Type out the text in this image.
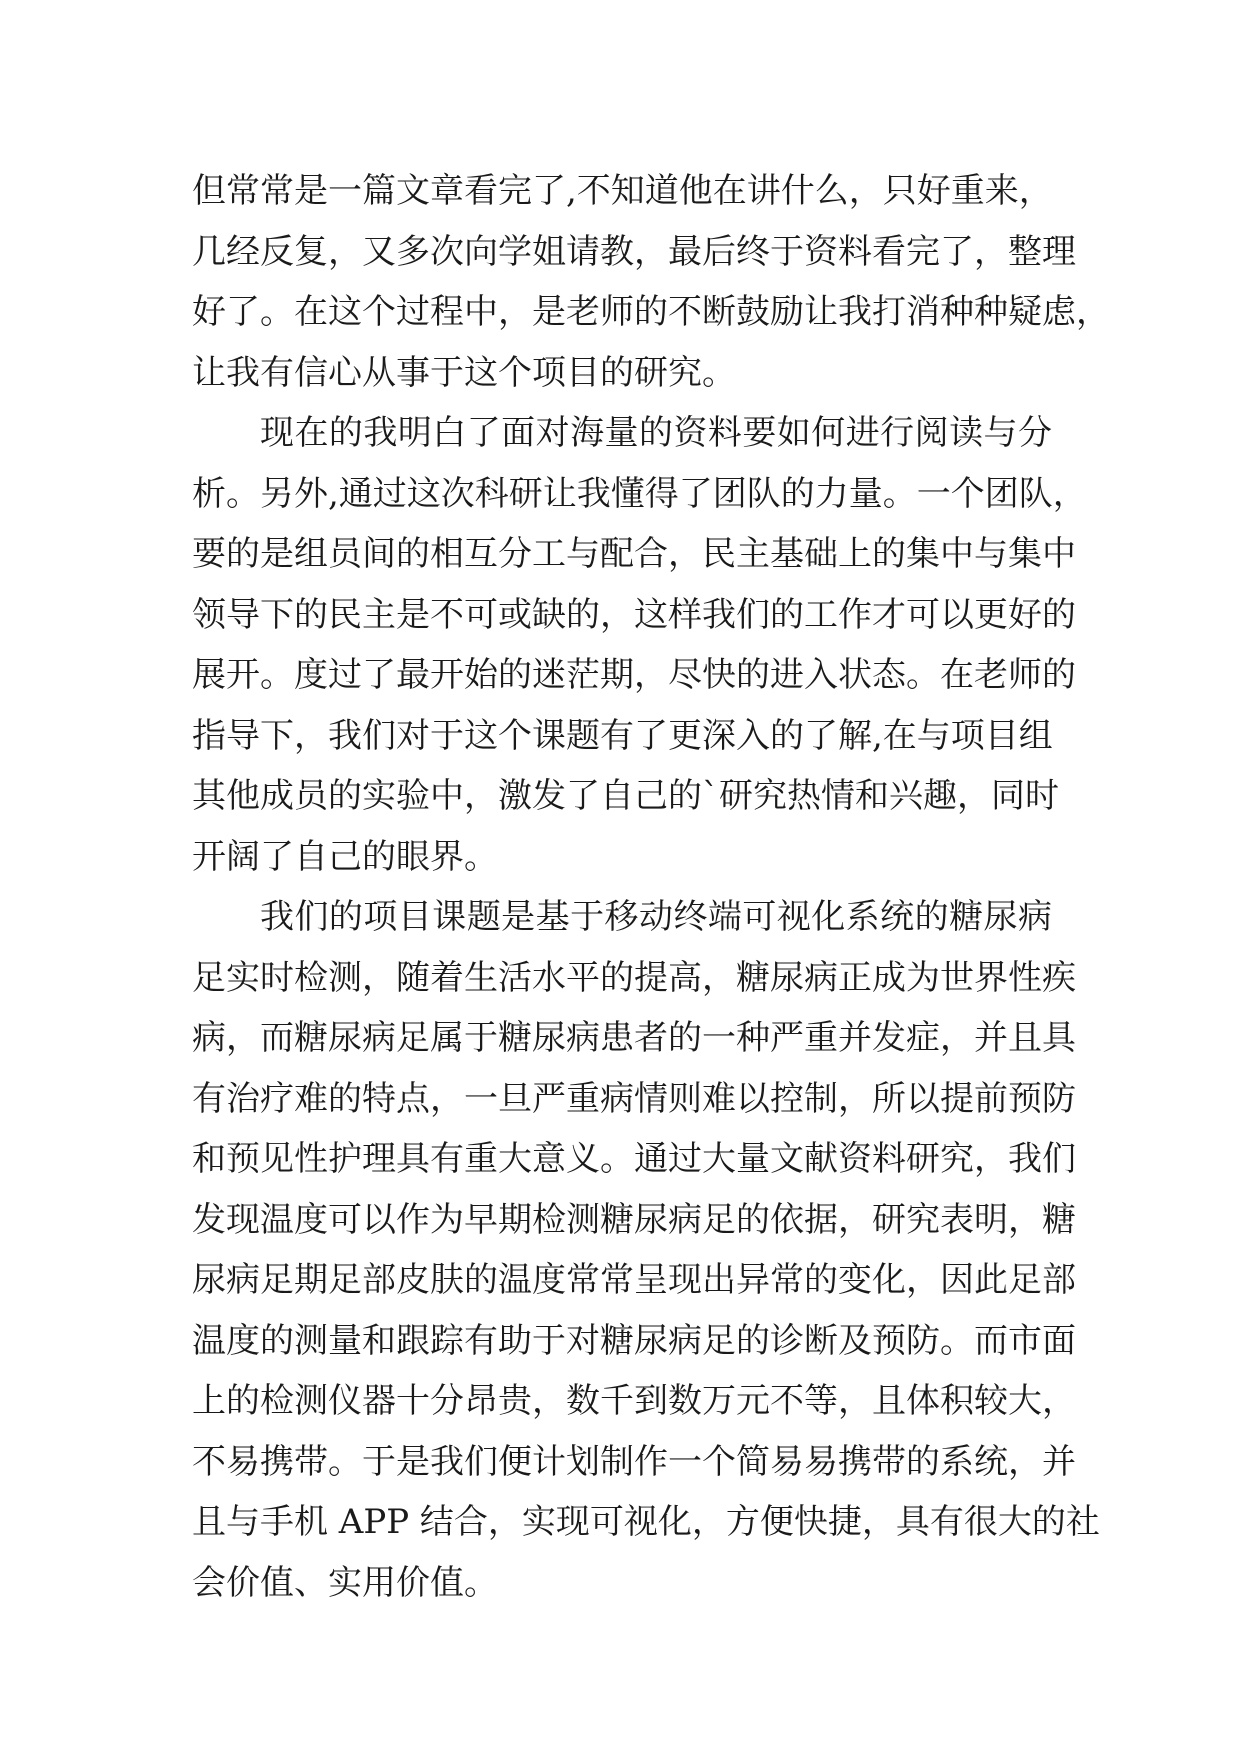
但常常是一篇文章看完了,不知道他在讲什么，只好重来，
几经反复，又多次向学姐请教，最后终于资料看完了，整理
好了。在这个过程中，是老师的不断鼓励让我打消种种疑虑，
让我有信心从事于这个项目的研究。
现在的我明白了面对海量的资料要如何进行阅读与分
析。另外,通过这次科研让我懂得了团队的力量。一个团队，
要的是组员间的相互分工与配合，民主基础上的集中与集中
领导下的民主是不可或缺的，这样我们的工作才可以更好的
展开。度过了最开始的迷茫期，尽快的进入状态。在老师的
指导下，我们对于这个课题有了更深入的了解,在与项目组
其他成员的实验中，激发了自己的`研究热情和兴趣，同时
开阔了自己的眼界。
我们的项目课题是基于移动终端可视化系统的糖尿病
足实时检测，随着生活水平的提高，糖尿病正成为世界性疾
病，而糖尿病足属于糖尿病患者的一种严重并发症，并且具
有治疗难的特点，一旦严重病情则难以控制，所以提前预防
和预见性护理具有重大意义。通过大量文献资料研究，我们
发现温度可以作为早期检测糖尿病足的依据，研究表明，糖
尿病足期足部皮肤的温度常常呈现出异常的变化，因此足部
温度的测量和跟踪有助于对糖尿病足的诊断及预防。而市面
上的检测仪器十分昂贵，数千到数万元不等，且体积较大，
不易携带。于是我们便计划制作一个简易易携带的系统，并
且与手机 APP 结合，实现可视化，方便快捷，具有很大的社
会价值、实用价值。
